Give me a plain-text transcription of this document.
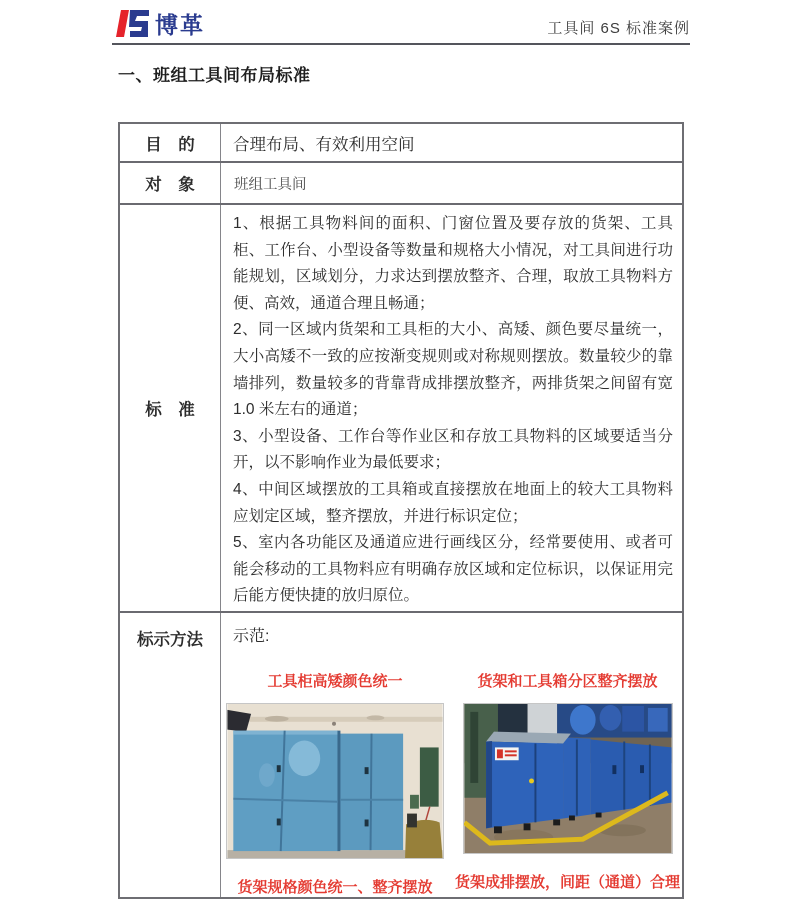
博革	工具间 6S 标准案例
一、班组工具间布局标准
目　的	合理布局、有效利用空间
对　象	班组工具间
标　准

1、根据工具物料间的面积、门窗位置及要存放的货架、工具柜、工作台、小型设备等数量和规格大小情况，对工具间进行功能规划，区域划分，力求达到摆放整齐、合理，取放工具物料方便、高效，通道合理且畅通；

2、同一区域内货架和工具柜的大小、高矮、颜色要尽量统一，大小高矮不一致的应按渐变规则或对称规则摆放。数量较少的靠墙排列，数量较多的背靠背成排摆放整齐，两排货架之间留有宽1.0 米左右的通道；

3、小型设备、工作台等作业区和存放工具物料的区域要适当分开，以不影响作业为最低要求；

4、中间区域摆放的工具箱或直接摆放在地面上的较大工具物料应划定区域，整齐摆放，并进行标识定位；

5、室内各功能区及通道应进行画线区分，经常要使用、或者可能会移动的工具物料应有明确存放区域和定位标识，以保证用完后能方便快捷的放归原位。

标示方法	示范:
工具柜高矮颜色统一
货架规格颜色统一、整齐摆放
货架和工具箱分区整齐摆放
货架成排摆放，间距（通道）合理
